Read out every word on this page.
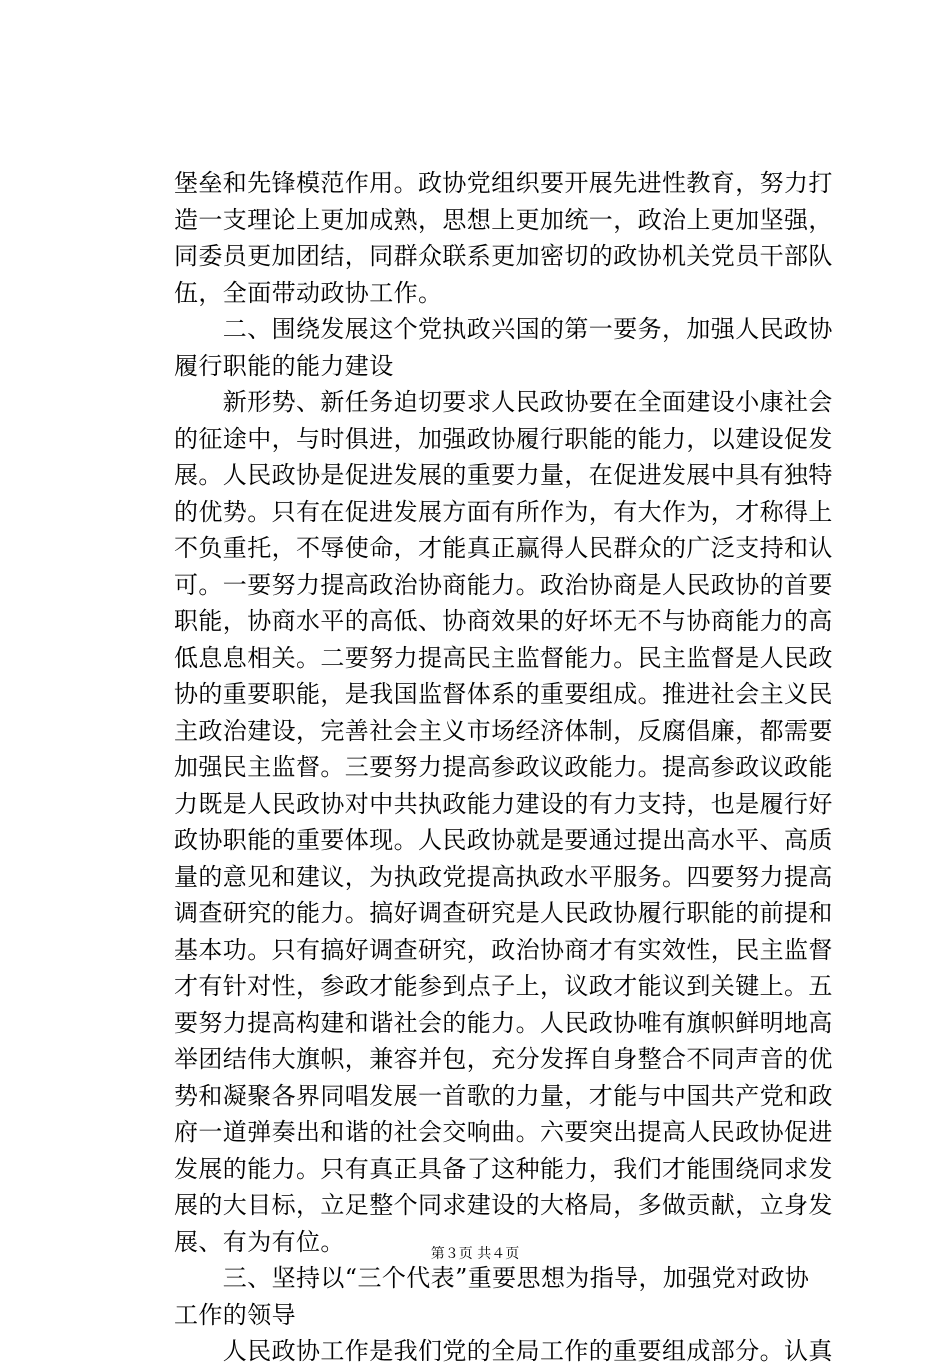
堡垒和先锋模范作用。政协党组织要开展先进性教育，努力打
造一支理论上更加成熟，思想上更加统一，政治上更加坚强，
同委员更加团结，同群众联系更加密切的政协机关党员干部队
伍，全面带动政协工作。
　　二、围绕发展这个党执政兴国的第一要务，加强人民政协
履行职能的能力建设
　　新形势、新任务迫切要求人民政协要在全面建设小康社会
的征途中，与时俱进，加强政协履行职能的能力，以建设促发
展。人民政协是促进发展的重要力量，在促进发展中具有独特
的优势。只有在促进发展方面有所作为，有大作为，才称得上
不负重托，不辱使命，才能真正赢得人民群众的广泛支持和认
可。一要努力提高政治协商能力。政治协商是人民政协的首要
职能，协商水平的高低、协商效果的好坏无不与协商能力的高
低息息相关。二要努力提高民主监督能力。民主监督是人民政
协的重要职能，是我国监督体系的重要组成。推进社会主义民
主政治建设，完善社会主义市场经济体制，反腐倡廉，都需要
加强民主监督。三要努力提高参政议政能力。提高参政议政能
力既是人民政协对中共执政能力建设的有力支持，也是履行好
政协职能的重要体现。人民政协就是要通过提出高水平、高质
量的意见和建议，为执政党提高执政水平服务。四要努力提高
调查研究的能力。搞好调查研究是人民政协履行职能的前提和
基本功。只有搞好调查研究，政治协商才有实效性，民主监督
才有针对性，参政才能参到点子上，议政才能议到关键上。五
要努力提高构建和谐社会的能力。人民政协唯有旗帜鲜明地高
举团结伟大旗帜，兼容并包，充分发挥自身整合不同声音的优
势和凝聚各界同唱发展一首歌的力量，才能与中国共产党和政
府一道弹奏出和谐的社会交响曲。六要突出提高人民政协促进
发展的能力。只有真正具备了这种能力，我们才能围绕同求发
展的大目标，立足整个同求建设的大格局，多做贡献，立身发
展、有为有位。
　　三、坚持以“三个代表”重要思想为指导，加强党对政协
工作的领导
　　人民政协工作是我们党的全局工作的重要组成部分。认真
第３页 共４页
